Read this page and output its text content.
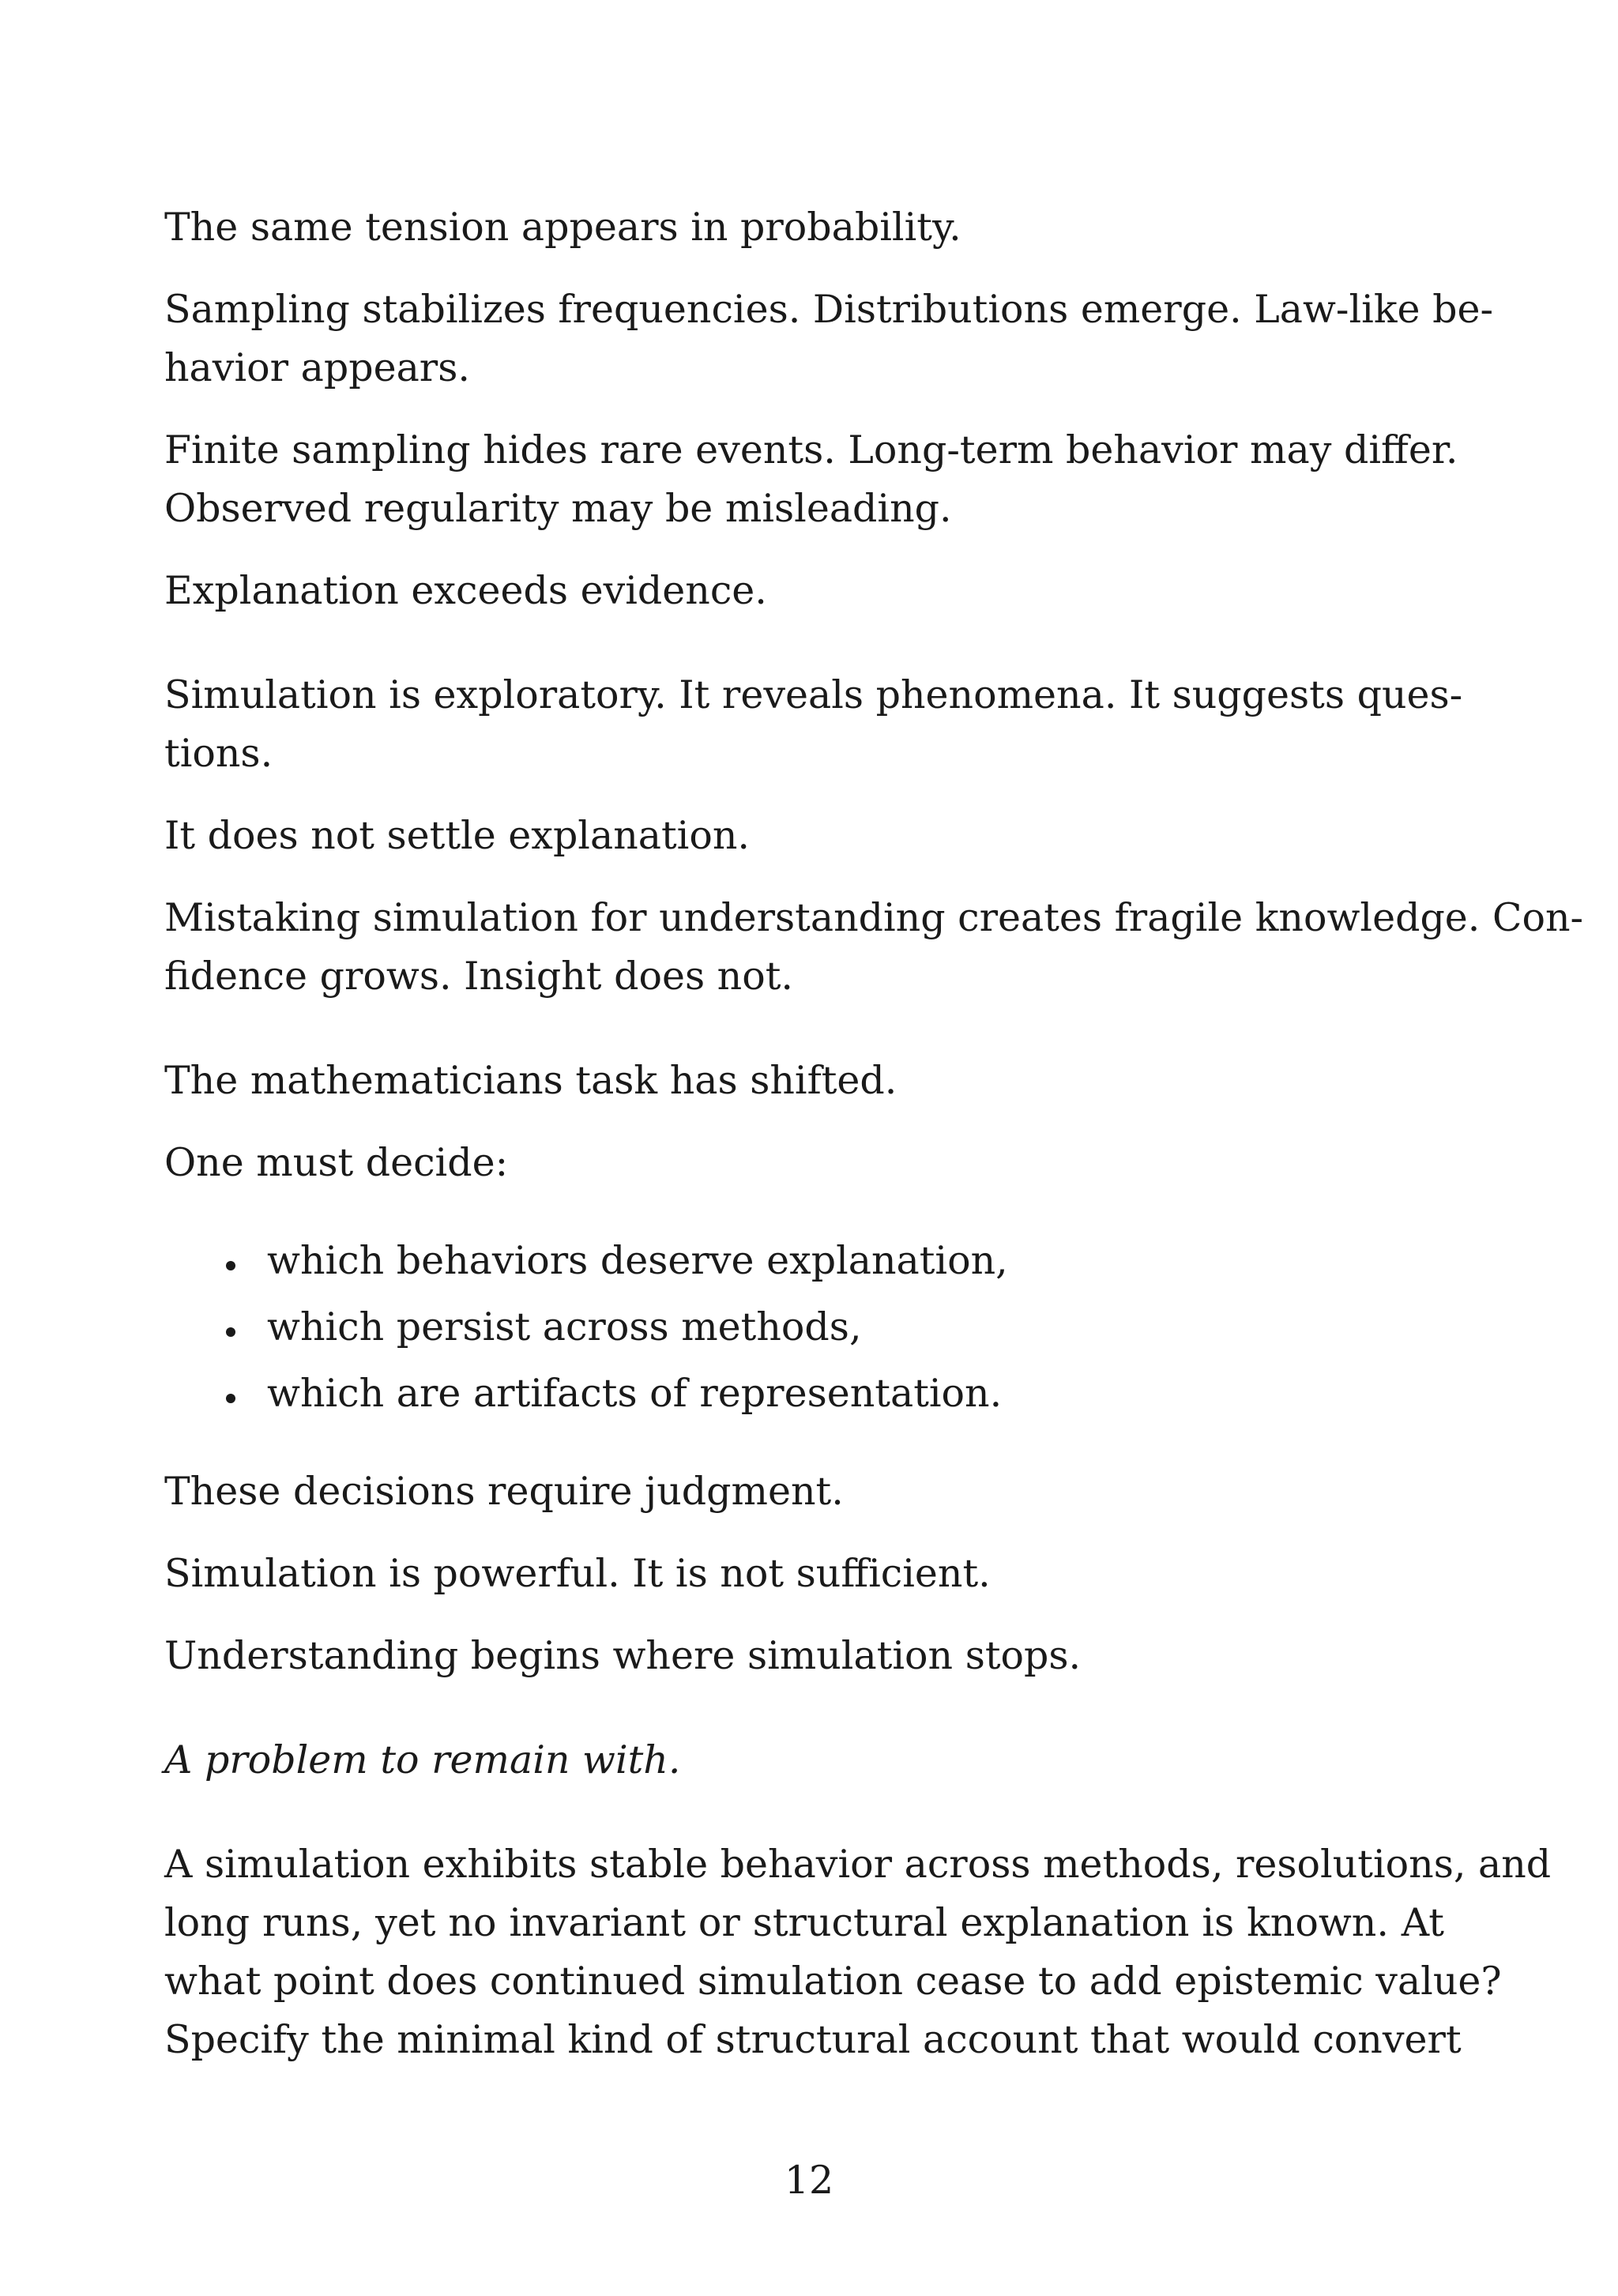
The same tension appears in probability.

Sampling stabilizes frequencies. Distributions emerge. Law-like be-

havior appears.

Finite sampling hides rare events. Long-term behavior may differ.

Observed regularity may be misleading.

Explanation exceeds evidence.

Simulation is exploratory. It reveals phenomena. It suggests ques-

tions.

It does not settle explanation.

Mistaking simulation for understanding creates fragile knowledge. Con-

fidence grows. Insight does not.

The mathematicians task has shifted.

One must decide:

which behaviors deserve explanation,

which persist across methods,

which are artifacts of representation.

These decisions require judgment.

Simulation is powerful. It is not sufficient.

Understanding begins where simulation stops.

A problem to remain with.

A simulation exhibits stable behavior across methods, resolutions, and

long runs, yet no invariant or structural explanation is known. At

what point does continued simulation cease to add epistemic value?

Specify the minimal kind of structural account that would convert

12
